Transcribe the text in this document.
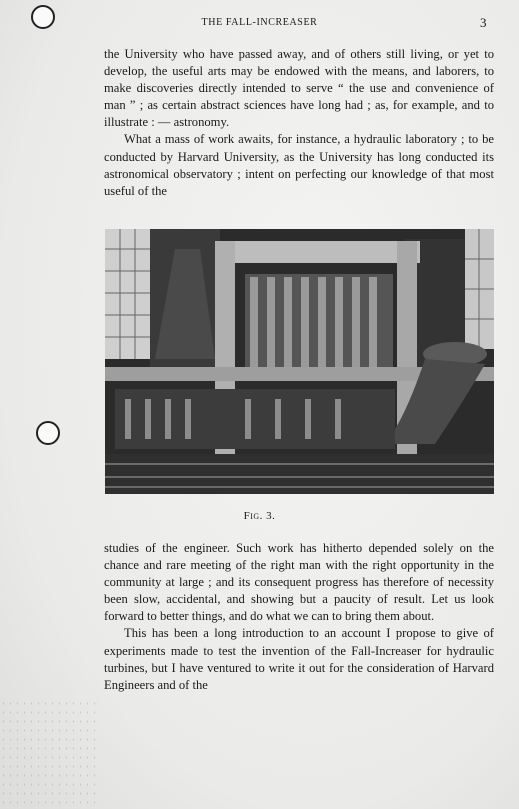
THE FALL-INCREASER	3

the University who have passed away, and of others still living, or yet to develop, the useful arts may be endowed with the means, and laborers, to make discoveries directly intended to serve “ the use and convenience of man ” ; as certain abstract sciences have long had ; as, for example, and to illustrate : — astronomy.

What a mass of work awaits, for instance, a hydraulic laboratory ; to be conducted by Harvard University, as the University has long conducted its astronomical observatory ; intent on perfecting our knowledge of that most useful of the

Fig. 3.

studies of the engineer. Such work has hitherto depended solely on the chance and rare meeting of the right man with the right opportunity in the community at large ; and its consequent progress has therefore of necessity been slow, accidental, and showing but a paucity of result. Let us look forward to better things, and do what we can to bring them about.

This has been a long introduction to an account I propose to give of experiments made to test the invention of the Fall-Increaser for hydraulic turbines, but I have ventured to write it out for the consideration of Harvard Engineers and of the
